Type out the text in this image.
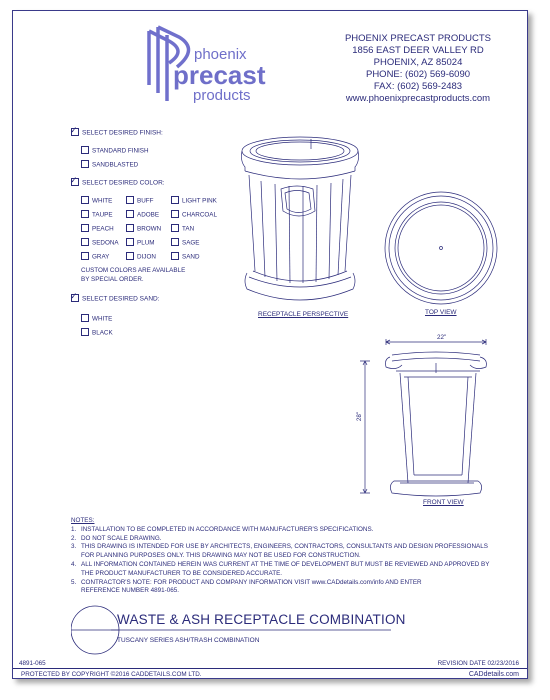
phoenix
precast
products
PHOENIX PRECAST PRODUCTS
1856 EAST DEER VALLEY RD
PHOENIX, AZ 85024
PHONE: (602) 569-6090
FAX: (602) 569-2483
www.phoenixprecastproducts.com
✓ SELECT DESIRED FINISH:
STANDARD FINISH
SANDBLASTED
✓ SELECT DESIRED COLOR:
WHITE
TAUPE
PEACH
SEDONA
GRAY
BUFF
ADOBE
BROWN
PLUM
DIJON
LIGHT PINK
CHARCOAL
TAN
SAGE
SAND
CUSTOM COLORS ARE AVAILABLE
BY SPECIAL ORDER.
✓ SELECT DESIRED SAND:
WHITE
BLACK
RECEPTACLE PERSPECTIVE	TOP VIEW
22"
28"
FRONT VIEW
NOTES:
1. INSTALLATION TO BE COMPLETED IN ACCORDANCE WITH MANUFACTURER'S SPECIFICATIONS.
2. DO NOT SCALE DRAWING.
3. THIS DRAWING IS INTENDED FOR USE BY ARCHITECTS, ENGINEERS, CONTRACTORS, CONSULTANTS AND DESIGN PROFESSIONALS
FOR PLANNING PURPOSES ONLY. THIS DRAWING MAY NOT BE USED FOR CONSTRUCTION.
4. ALL INFORMATION CONTAINED HEREIN WAS CURRENT AT THE TIME OF DEVELOPMENT BUT MUST BE REVIEWED AND APPROVED BY
THE PRODUCT MANUFACTURER TO BE CONSIDERED ACCURATE.
5. CONTRACTOR'S NOTE: FOR PRODUCT AND COMPANY INFORMATION VISIT www.CADdetails.com/info AND ENTER
REFERENCE NUMBER 4891-065.
WASTE & ASH RECEPTACLE COMBINATION
TUSCANY SERIES ASH/TRASH COMBINATION
4891-065	REVISION DATE 02/23/2016
PROTECTED BY COPYRIGHT ©2016 CADDETAILS.COM LTD.	CADdetails.com
